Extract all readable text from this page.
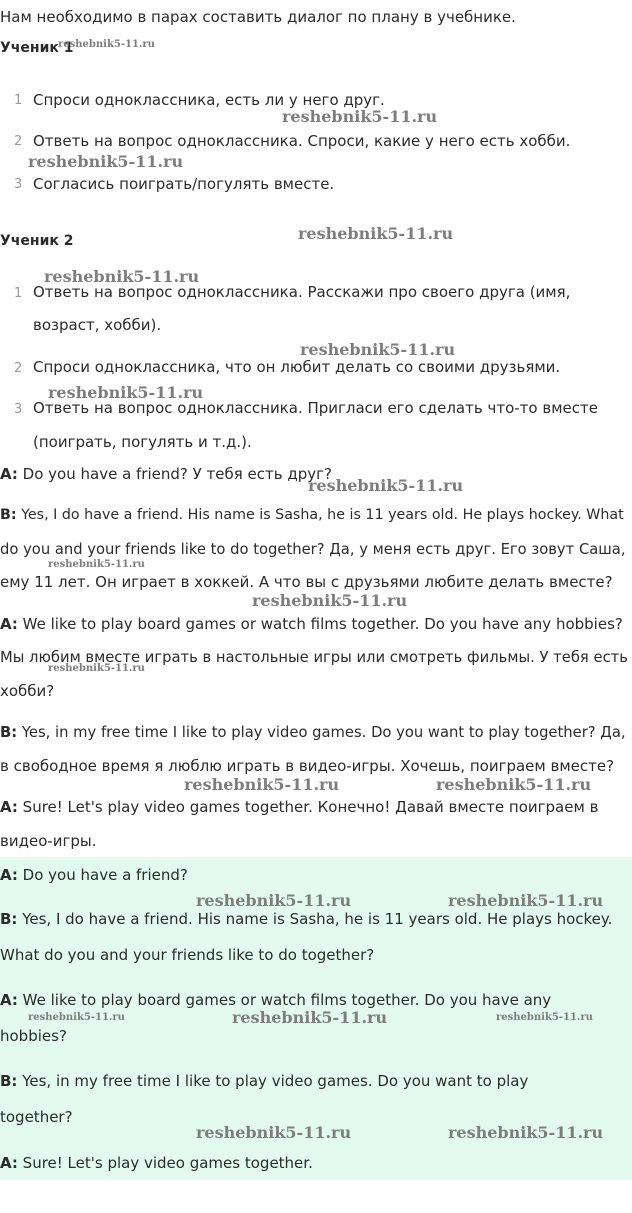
Нам необходимо в парах составить диалог по плану в учебнике.
Ученик 1
1 Спроси одноклассника, есть ли у него друг.
2 Ответь на вопрос одноклассника. Спроси, какие у него есть хобби.
3 Согласись поиграть/погулять вместе.
Ученик 2
1 Ответь на вопрос одноклассника. Расскажи про своего друга (имя,
возраст, хобби).
2 Спроси одноклассника, что он любит делать со своими друзьями.
3 Ответь на вопрос одноклассника. Пригласи его сделать что-то вместе
(поиграть, погулять и т.д.).
A: Do you have a friend? У тебя есть друг?
B: Yes, I do have a friend. His name is Sasha, he is 11 years old. He plays hockey. What
do you and your friends like to do together? Да, у меня есть друг. Его зовут Саша,
ему 11 лет. Он играет в хоккей. А что вы с друзьями любите делать вместе?
A: We like to play board games or watch films together. Do you have any hobbies?
Мы любим вместе играть в настольные игры или смотреть фильмы. У тебя есть
хобби?
B: Yes, in my free time I like to play video games. Do you want to play together? Да,
в свободное время я люблю играть в видео-игры. Хочешь, поиграем вместе?
A: Sure! Let's play video games together. Конечно! Давай вместе поиграем в
видео-игры.
A: Do you have a friend?
B: Yes, I do have a friend. His name is Sasha, he is 11 years old. He plays hockey.
What do you and your friends like to do together?
A: We like to play board games or watch films together. Do you have any
hobbies?
B: Yes, in my free time I like to play video games. Do you want to play
together?
A: Sure! Let's play video games together.
reshebnik5-11.ru
reshebnik5-11.ru
reshebnik5-11.ru
reshebnik5-11.ru
reshebnik5-11.ru
reshebnik5-11.ru
reshebnik5-11.ru
reshebnik5-11.ru
reshebnik5-11.ru
reshebnik5-11.ru
reshebnik5-11.ru
reshebnik5-11.ru	reshebnik5-11.ru
reshebnik5-11.ru	reshebnik5-11.ru
reshebnik5-11.ru	reshebnik5-11.ru	reshebnik5-11.ru
reshebnik5-11.ru	reshebnik5-11.ru
